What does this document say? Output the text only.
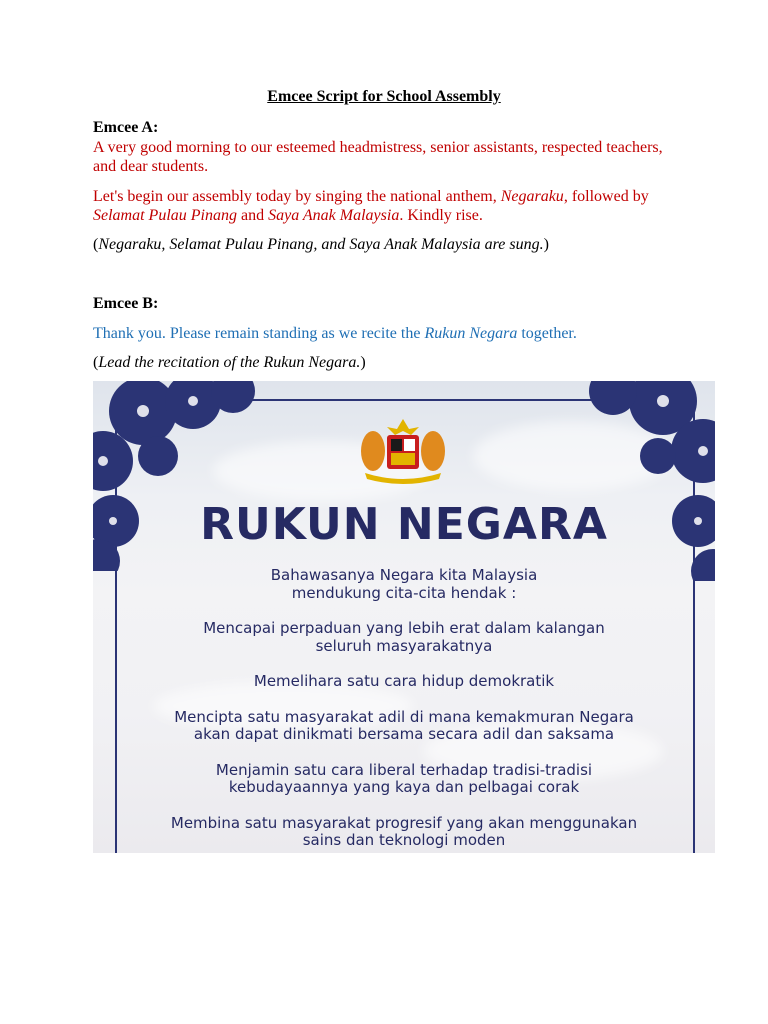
Emcee Script for School Assembly
Emcee A:
A very good morning to our esteemed headmistress, senior assistants, respected teachers, and dear students.
Let's begin our assembly today by singing the national anthem, Negaraku, followed by Selamat Pulau Pinang and Saya Anak Malaysia. Kindly rise.
(Negaraku, Selamat Pulau Pinang, and Saya Anak Malaysia are sung.)
Emcee B:
Thank you. Please remain standing as we recite the Rukun Negara together.
(Lead the recitation of the Rukun Negara.)
RUKUN NEGARA
Bahawasanya Negara kita Malaysia
mendukung cita-cita hendak :
Mencapai perpaduan yang lebih erat dalam kalangan
seluruh masyarakatnya
Memelihara satu cara hidup demokratik
Mencipta satu masyarakat adil di mana kemakmuran Negara
akan dapat dinikmati bersama secara adil dan saksama
Menjamin satu cara liberal terhadap tradisi-tradisi
kebudayaannya yang kaya dan pelbagai corak
Membina satu masyarakat progresif yang akan menggunakan
sains dan teknologi moden
